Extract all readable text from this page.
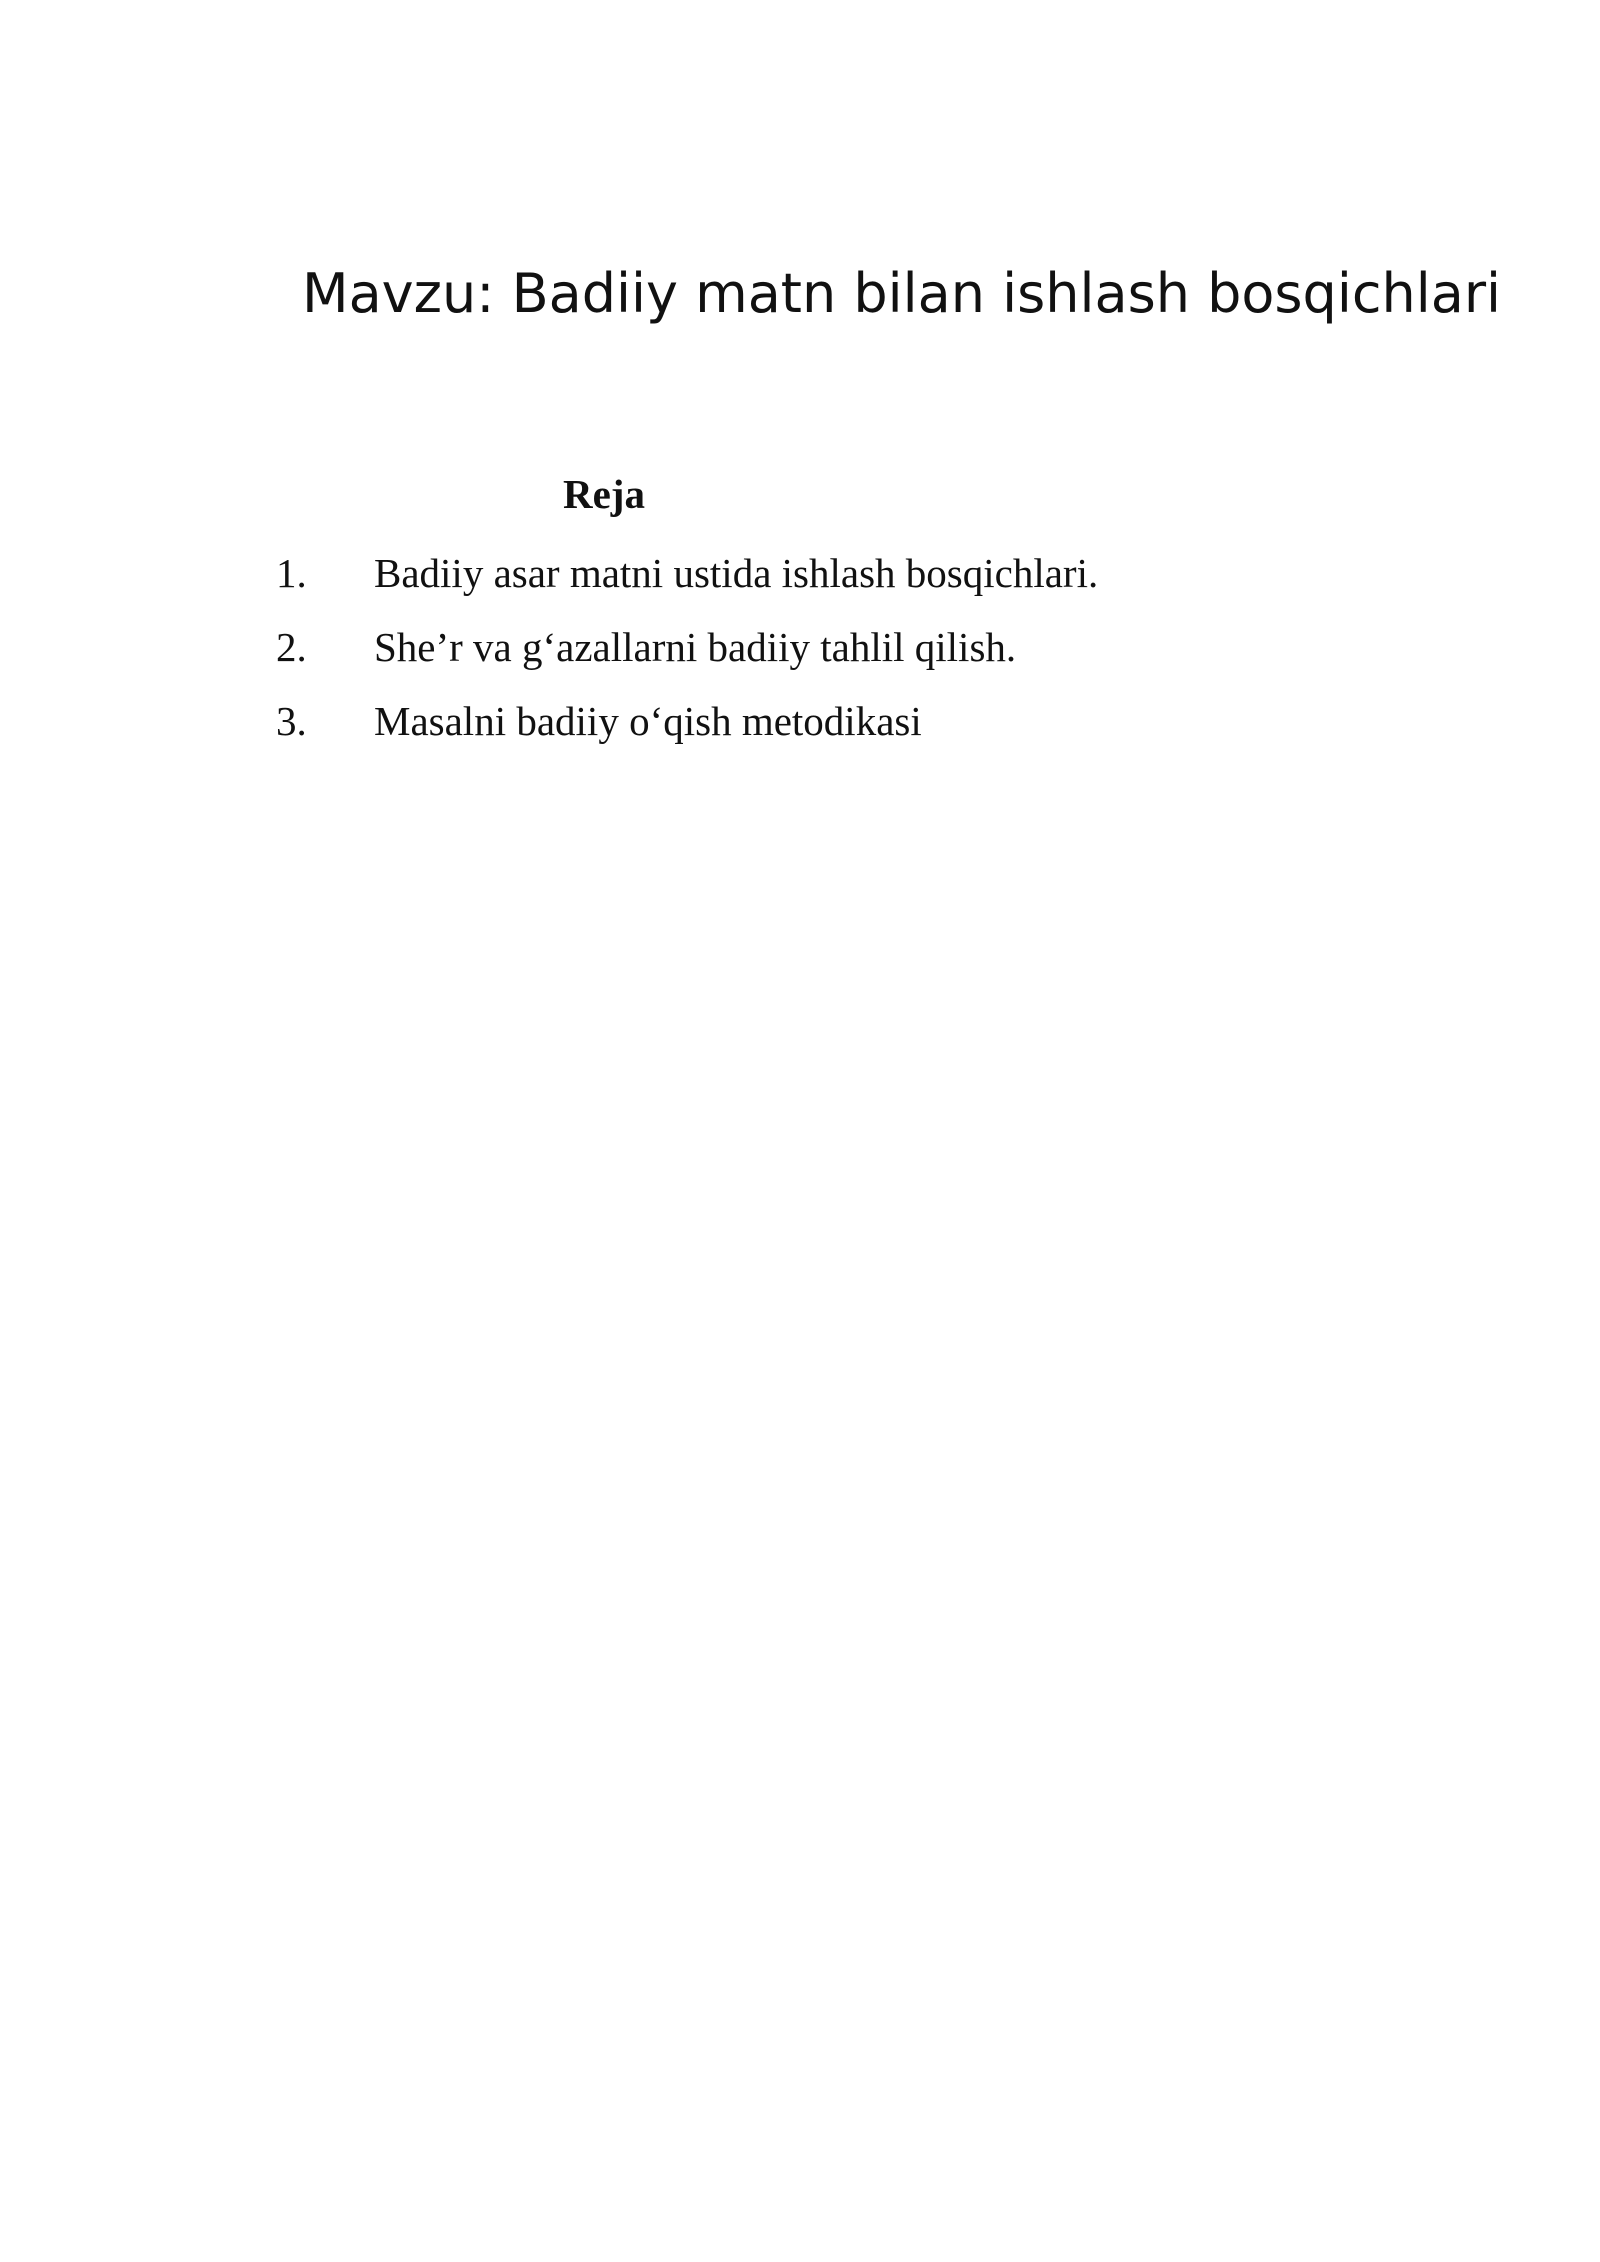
Mavzu: Badiiy matn bilan ishlash bosqichlari
Reja
1.	Badiiy asar matni ustida ishlash bosqichlari.
2.	She’r va g‘azallarni badiiy tahlil qilish.
3.	Masalni badiiy o‘qish metodikasi
